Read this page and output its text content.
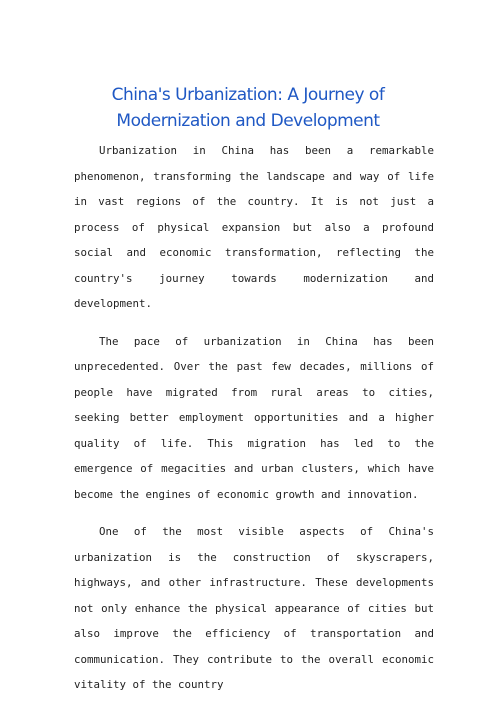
China's Urbanization: A Journey of Modernization and Development

Urbanization in China has been a remarkable phenomenon, transforming the landscape and way of life in vast regions of the country. It is not just a process of physical expansion but also a profound social and economic transformation, reflecting the country's journey towards modernization and development.

The pace of urbanization in China has been unprecedented. Over the past few decades, millions of people have migrated from rural areas to cities, seeking better employment opportunities and a higher quality of life. This migration has led to the emergence of megacities and urban clusters, which have become the engines of economic growth and innovation.

One of the most visible aspects of China's urbanization is the construction of skyscrapers, highways, and other infrastructure. These developments not only enhance the physical appearance of cities but also improve the efficiency of transportation and communication. They contribute to the overall economic vitality of the country
